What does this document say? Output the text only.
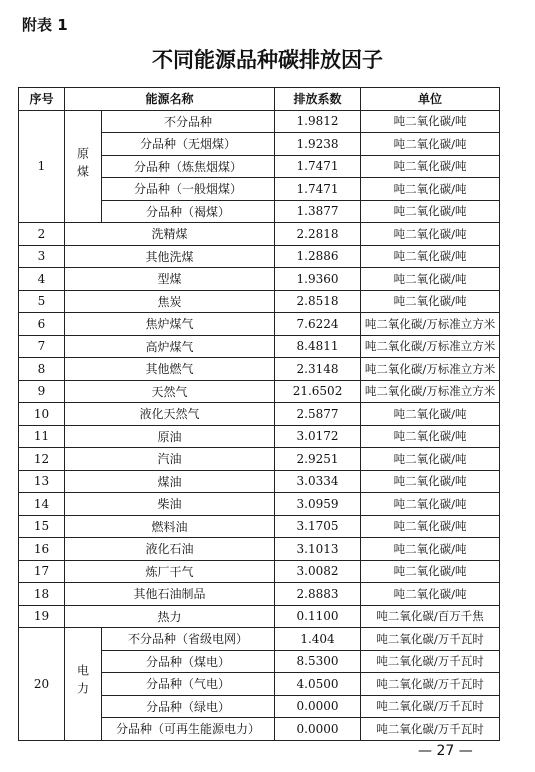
附表 1
不同能源品种碳排放因子
序号	能源名称		排放系数	单位
1	原煤	不分品种	1.9812	吨二氧化碳/吨
		分品种（无烟煤）	1.9238	吨二氧化碳/吨
		分品种（炼焦烟煤）	1.7471	吨二氧化碳/吨
		分品种（一般烟煤）	1.7471	吨二氧化碳/吨
		分品种（褐煤）	1.3877	吨二氧化碳/吨
2	洗精煤		2.2818	吨二氧化碳/吨
3	其他洗煤		1.2886	吨二氧化碳/吨
4	型煤		1.9360	吨二氧化碳/吨
5	焦炭		2.8518	吨二氧化碳/吨
6	焦炉煤气		7.6224	吨二氧化碳/万标准立方米
7	高炉煤气		8.4811	吨二氧化碳/万标准立方米
8	其他燃气		2.3148	吨二氧化碳/万标准立方米
9	天然气		21.6502	吨二氧化碳/万标准立方米
10	液化天然气		2.5877	吨二氧化碳/吨
11	原油		3.0172	吨二氧化碳/吨
12	汽油		2.9251	吨二氧化碳/吨
13	煤油		3.0334	吨二氧化碳/吨
14	柴油		3.0959	吨二氧化碳/吨
15	燃料油		3.1705	吨二氧化碳/吨
16	液化石油		3.1013	吨二氧化碳/吨
17	炼厂干气		3.0082	吨二氧化碳/吨
18	其他石油制品		2.8883	吨二氧化碳/吨
19	热力		0.1100	吨二氧化碳/百万千焦
20	电力	不分品种（省级电网）	1.404	吨二氧化碳/万千瓦时
		分品种（煤电）	8.5300	吨二氧化碳/万千瓦时
		分品种（气电）	4.0500	吨二氧化碳/万千瓦时
		分品种（绿电）	0.0000	吨二氧化碳/万千瓦时
		分品种（可再生能源电力）	0.0000	吨二氧化碳/万千瓦时
— 27 —
